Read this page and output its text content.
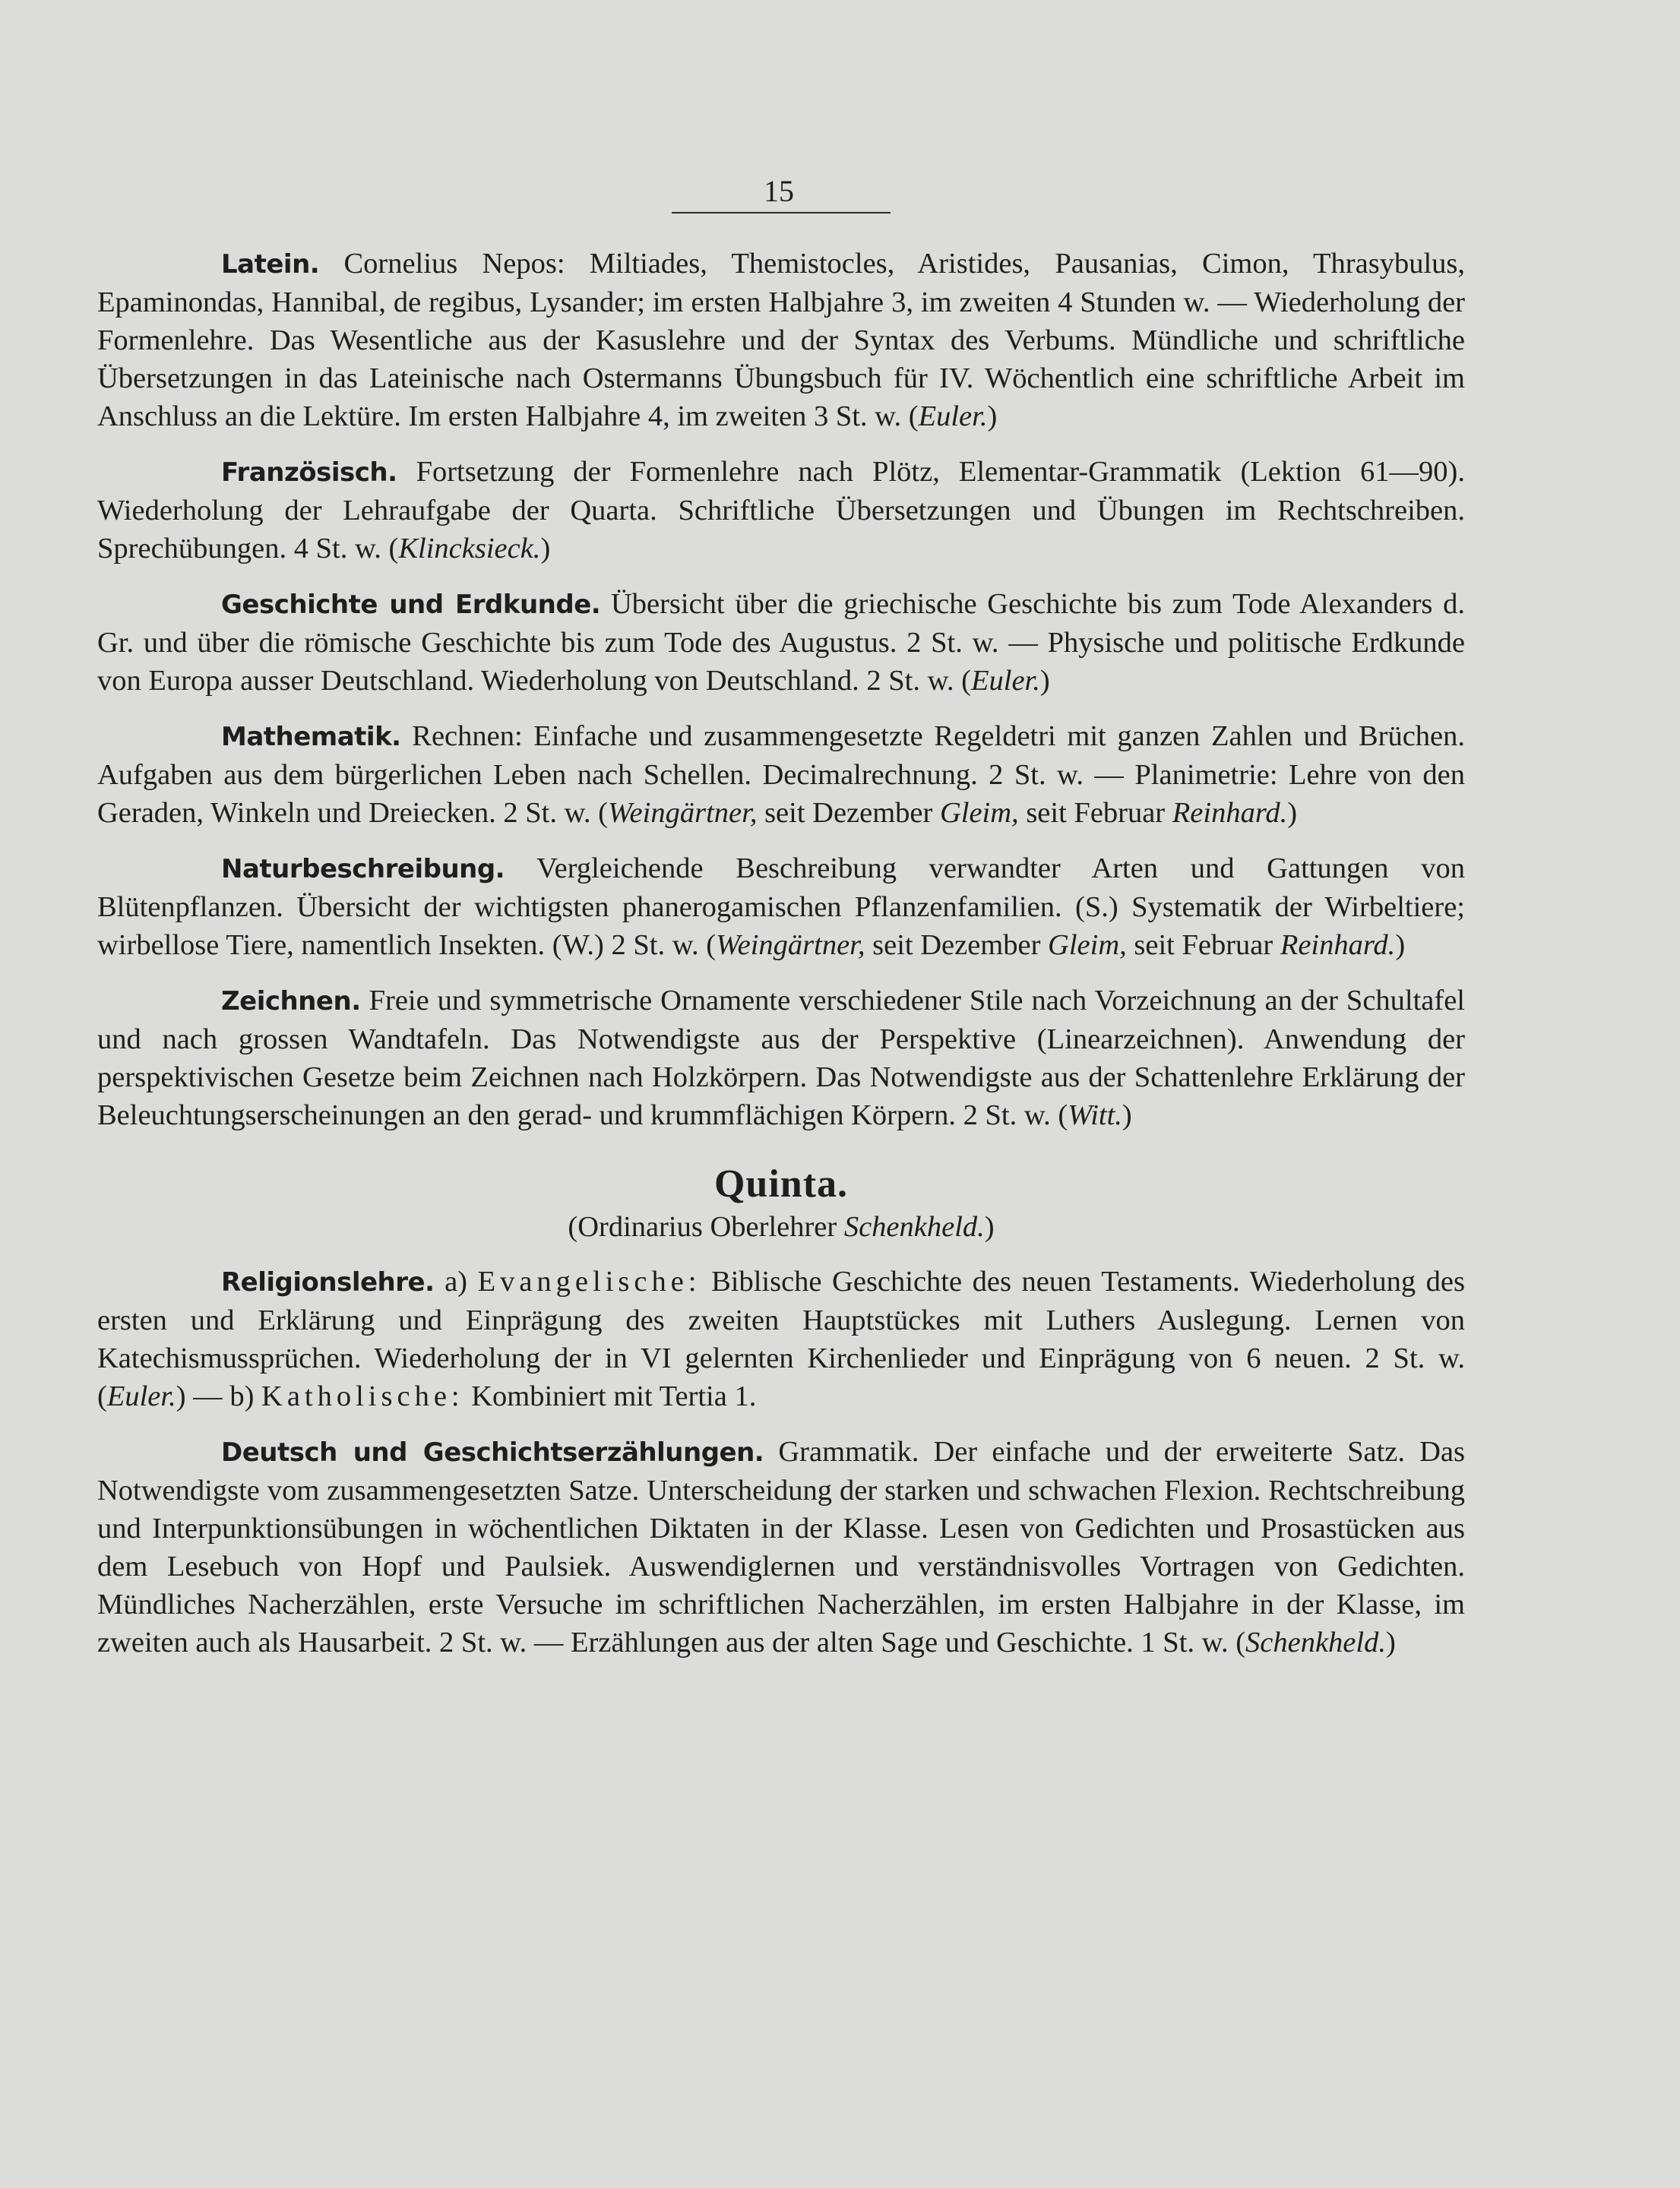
15

Latein. Cornelius Nepos: Miltiades, Themistocles, Aristides, Pausanias, Cimon, Thrasybulus, Epaminondas, Hannibal, de regibus, Lysander; im ersten Halbjahre 3, im zweiten 4 Stunden w. — Wiederholung der Formenlehre. Das Wesentliche aus der Kasuslehre und der Syntax des Verbums. Mündliche und schriftliche Übersetzungen in das Lateinische nach Ostermanns Übungsbuch für IV. Wöchentlich eine schriftliche Arbeit im Anschluss an die Lektüre. Im ersten Halbjahre 4, im zweiten 3 St. w. (Euler.)

Französisch. Fortsetzung der Formenlehre nach Plötz, Elementar-Grammatik (Lektion 61—90). Wiederholung der Lehraufgabe der Quarta. Schriftliche Übersetzungen und Übungen im Rechtschreiben. Sprechübungen. 4 St. w. (Klincksieck.)

Geschichte und Erdkunde. Übersicht über die griechische Geschichte bis zum Tode Alexanders d. Gr. und über die römische Geschichte bis zum Tode des Augustus. 2 St. w. — Physische und politische Erdkunde von Europa ausser Deutschland. Wiederholung von Deutschland. 2 St. w. (Euler.)

Mathematik. Rechnen: Einfache und zusammengesetzte Regeldetri mit ganzen Zahlen und Brüchen. Aufgaben aus dem bürgerlichen Leben nach Schellen. Decimalrechnung. 2 St. w. — Planimetrie: Lehre von den Geraden, Winkeln und Dreiecken. 2 St. w. (Weingärtner, seit Dezember Gleim, seit Februar Reinhard.)

Naturbeschreibung. Vergleichende Beschreibung verwandter Arten und Gattungen von Blütenpflanzen. Übersicht der wichtigsten phanerogamischen Pflanzenfamilien. (S.) Systematik der Wirbeltiere; wirbellose Tiere, namentlich Insekten. (W.) 2 St. w. (Weingärtner, seit Dezember Gleim, seit Februar Reinhard.)

Zeichnen. Freie und symmetrische Ornamente verschiedener Stile nach Vorzeichnung an der Schultafel und nach grossen Wandtafeln. Das Notwendigste aus der Perspektive (Linearzeichnen). Anwendung der perspektivischen Gesetze beim Zeichnen nach Holzkörpern. Das Notwendigste aus der Schattenlehre Erklärung der Beleuchtungserscheinungen an den gerad- und krummflächigen Körpern. 2 St. w. (Witt.)

Quinta.
(Ordinarius Oberlehrer Schenkheld.)

Religionslehre. a) Evangelische: Biblische Geschichte des neuen Testaments. Wiederholung des ersten und Erklärung und Einprägung des zweiten Hauptstückes mit Luthers Auslegung. Lernen von Katechismussprüchen. Wiederholung der in VI gelernten Kirchenlieder und Einprägung von 6 neuen. 2 St. w. (Euler.) — b) Katholische: Kombiniert mit Tertia 1.

Deutsch und Geschichtserzählungen. Grammatik. Der einfache und der erweiterte Satz. Das Notwendigste vom zusammengesetzten Satze. Unterscheidung der starken und schwachen Flexion. Rechtschreibung und Interpunktionsübungen in wöchentlichen Diktaten in der Klasse. Lesen von Gedichten und Prosastücken aus dem Lesebuch von Hopf und Paulsiek. Auswendiglernen und verständnisvolles Vortragen von Gedichten. Mündliches Nacherzählen, erste Versuche im schriftlichen Nacherzählen, im ersten Halbjahre in der Klasse, im zweiten auch als Hausarbeit. 2 St. w. — Erzählungen aus der alten Sage und Geschichte. 1 St. w. (Schenkheld.)
